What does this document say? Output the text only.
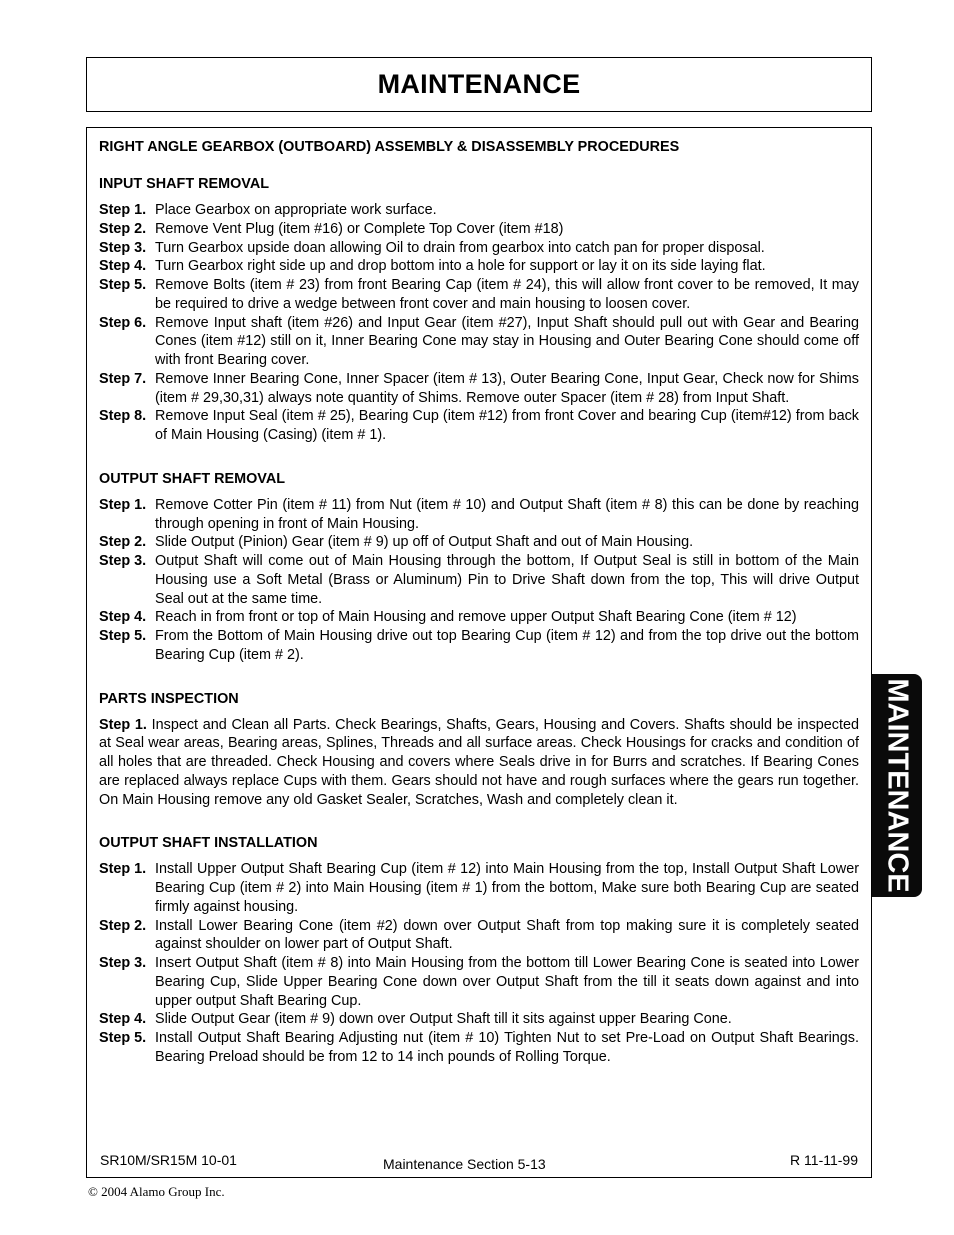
MAINTENANCE
RIGHT ANGLE GEARBOX (OUTBOARD) ASSEMBLY & DISASSEMBLY PROCEDURES
INPUT SHAFT REMOVAL
Step 1. Place Gearbox on appropriate work surface.
Step 2. Remove Vent Plug (item #16) or Complete Top Cover (item #18)
Step 3. Turn Gearbox upside doan allowing Oil to drain from gearbox into catch pan for proper disposal.
Step 4. Turn Gearbox right side up and drop bottom into a hole for support or lay it on its side laying flat.
Step 5. Remove Bolts (item # 23) from front Bearing Cap (item # 24), this will allow front cover to be removed, It may be required to drive a wedge between front cover and main housing to loosen cover.
Step 6. Remove Input shaft (item #26) and Input Gear (item #27), Input Shaft should pull out with Gear and Bearing Cones (item #12) still on it, Inner Bearing Cone may stay in Housing and Outer Bearing Cone should come off with front Bearing cover.
Step 7. Remove Inner Bearing Cone, Inner Spacer (item # 13), Outer Bearing Cone, Input Gear, Check now for Shims (item # 29,30,31) always note quantity of Shims. Remove outer Spacer (item # 28) from Input Shaft.
Step 8. Remove Input Seal (item # 25), Bearing Cup (item #12) from front Cover and bearing Cup (item#12) from back of Main Housing (Casing) (item # 1).
OUTPUT SHAFT REMOVAL
Step 1. Remove Cotter Pin (item # 11) from Nut (item # 10) and Output Shaft (item # 8) this can be done by reaching through opening in front of Main Housing.
Step 2. Slide Output (Pinion) Gear (item # 9) up off of Output Shaft and out of Main Housing.
Step 3. Output Shaft will come out of Main Housing through the bottom, If Output Seal is still in bottom of the Main Housing use a Soft Metal (Brass or Aluminum) Pin to Drive Shaft down from the top, This will drive Output Seal out at the same time.
Step 4. Reach in from front or top of Main Housing and remove upper Output Shaft Bearing Cone (item # 12)
Step 5. From the Bottom of Main Housing drive out top Bearing Cup (item # 12) and from the top drive out the bottom Bearing Cup (item # 2).
PARTS INSPECTION
Step 1. Inspect and Clean all Parts. Check Bearings, Shafts, Gears, Housing and Covers. Shafts should be inspected at Seal wear areas, Bearing areas, Splines, Threads and all surface areas. Check Housings for cracks and condition of all holes that are threaded. Check Housing and covers where Seals drive in for Burrs and scratches. If Bearing Cones are replaced always replace Cups with them. Gears should not have and rough surfaces where the gears run together. On Main Housing remove any old Gasket Sealer, Scratches, Wash and completely clean it.
OUTPUT SHAFT INSTALLATION
Step 1. Install Upper Output Shaft Bearing Cup (item # 12) into Main Housing from the top, Install Output Shaft Lower Bearing Cup (item # 2) into Main Housing (item # 1) from the bottom, Make sure both Bearing Cup are seated firmly against housing.
Step 2. Install Lower Bearing Cone (item #2) down over Output Shaft from top making sure it is completely seated against shoulder on lower part of Output Shaft.
Step 3. Insert Output Shaft (item # 8) into Main Housing from the bottom till Lower Bearing Cone is seated into Lower Bearing Cup, Slide Upper Bearing Cone down over Output Shaft from the till it seats down against and into upper output Shaft Bearing Cup.
Step 4. Slide Output Gear (item # 9) down over Output Shaft till it sits against upper Bearing Cone.
Step 5. Install Output Shaft Bearing Adjusting nut (item # 10) Tighten Nut to set Pre-Load on Output Shaft Bearings. Bearing Preload should be from 12 to 14 inch pounds of Rolling Torque.
SR10M/SR15M 10-01	Maintenance Section 5-13	R 11-11-99
MAINTENANCE
© 2004 Alamo Group Inc.
